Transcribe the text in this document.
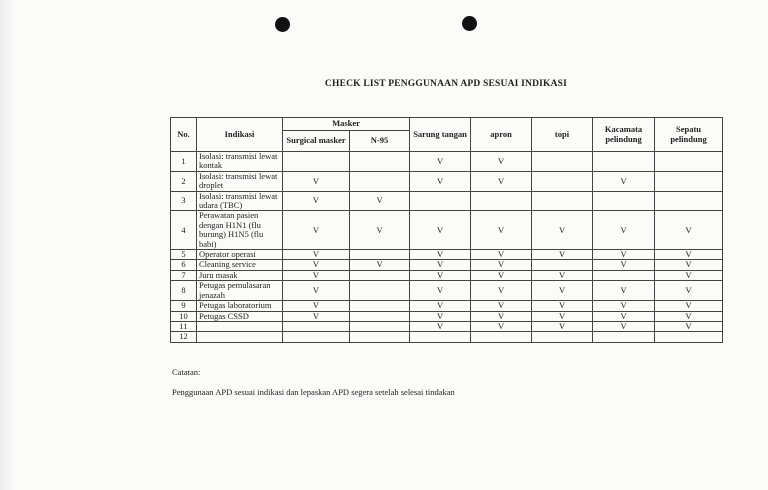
CHECK LIST PENGGUNAAN APD SESUAI INDIKASI
No.	Indikasi	Masker		Sarung tangan	apron	topi	Kacamata pelindung	Sepatu pelindung
		Surgical masker	N-95					
1	Isolasi: transmisi lewat kontak			V	V			
2	Isolasi: transmisi lewat droplet	V		V	V		V	
3	Isolasi: transmisi lewat udara (TBC)	V	V					
4	Perawatan pasien dengan H1N1 (flu burung) H1N5 (flu babi)	V	V	V	V	V	V	V
5	Operator operasi	V		V	V	V	V	V
6	Cleaning service	V	V	V	V		V	V
7	Juru masak	V		V	V	V		V
8	Petugas pemulasaran jenazah	V		V	V	V	V	V
9	Petugas laboratorium	V		V	V	V	V	V
10	Petugas CSSD	V		V	V	V	V	V
11				V	V	V	V	V
12								
Catatan:
Penggunaan APD sesuai indikasi dan lepaskan APD segera setelah selesai tindakan
